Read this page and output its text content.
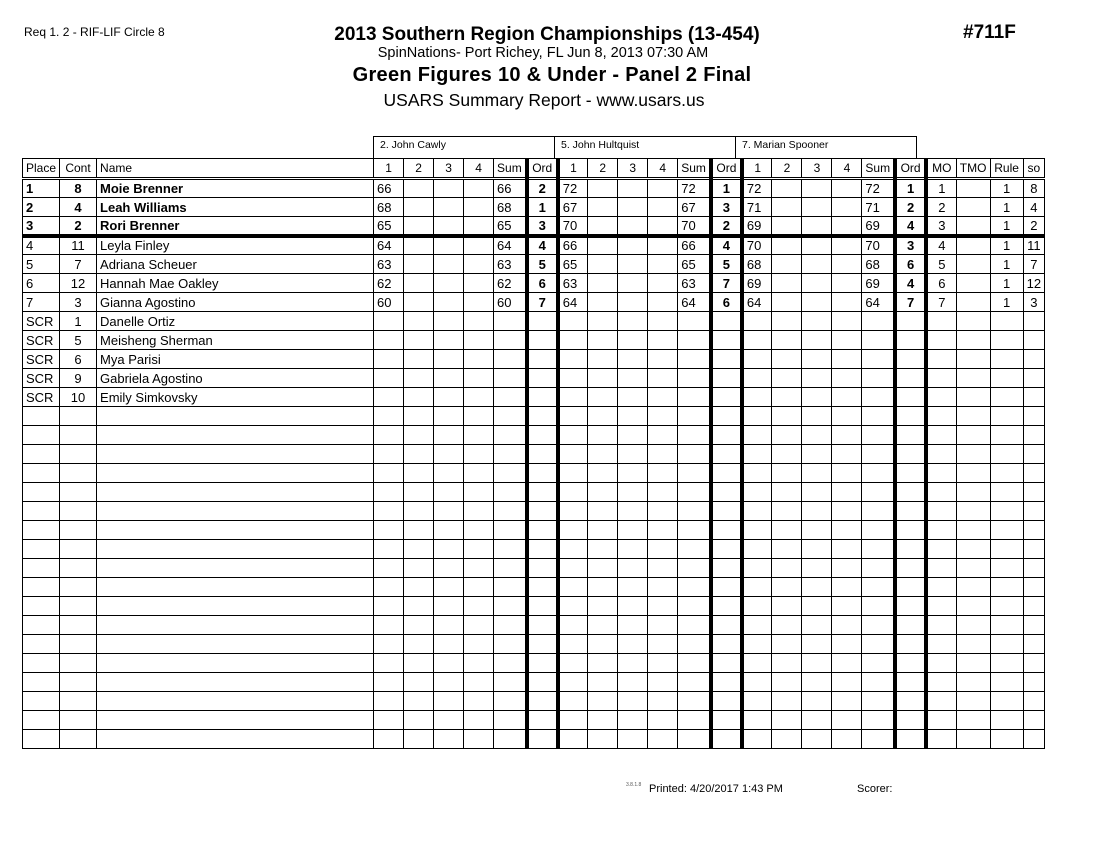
Req 1. 2 - RIF-LIF Circle 8	#711F
2013 Southern Region Championships (13-454)
SpinNations- Port Richey, FL Jun 8, 2013 07:30 AM
Green Figures 10 & Under - Panel 2 Final
USARS Summary Report - www.usars.us
2. John Cawly	5. John Hultquist	7. Marian Spooner
Place	Cont	Name	1	2	3	4	Sum	Ord	1	2	3	4	Sum	Ord	1	2	3	4	Sum	Ord	MO	TMO	Rule	so
1	8	Moie Brenner	66				66	2	72				72	1	72				72	1	1		1	8
2	4	Leah Williams	68				68	1	67				67	3	71				71	2	2		1	4
3	2	Rori Brenner	65				65	3	70				70	2	69				69	4	3		1	2
4	11	Leyla Finley	64				64	4	66				66	4	70				70	3	4		1	11
5	7	Adriana Scheuer	63				63	5	65				65	5	68				68	6	5		1	7
6	12	Hannah Mae Oakley	62				62	6	63				63	7	69				69	4	6		1	12
7	3	Gianna Agostino	60				60	7	64				64	6	64				64	7	7		1	3
SCR	1	Danelle Ortiz																						
SCR	5	Meisheng Sherman																						
SCR	6	Mya Parisi																						
SCR	9	Gabriela Agostino																						
SCR	10	Emily Simkovsky																						

3.8.1.8 Printed: 4/20/2017 1:43 PM	Scorer:
